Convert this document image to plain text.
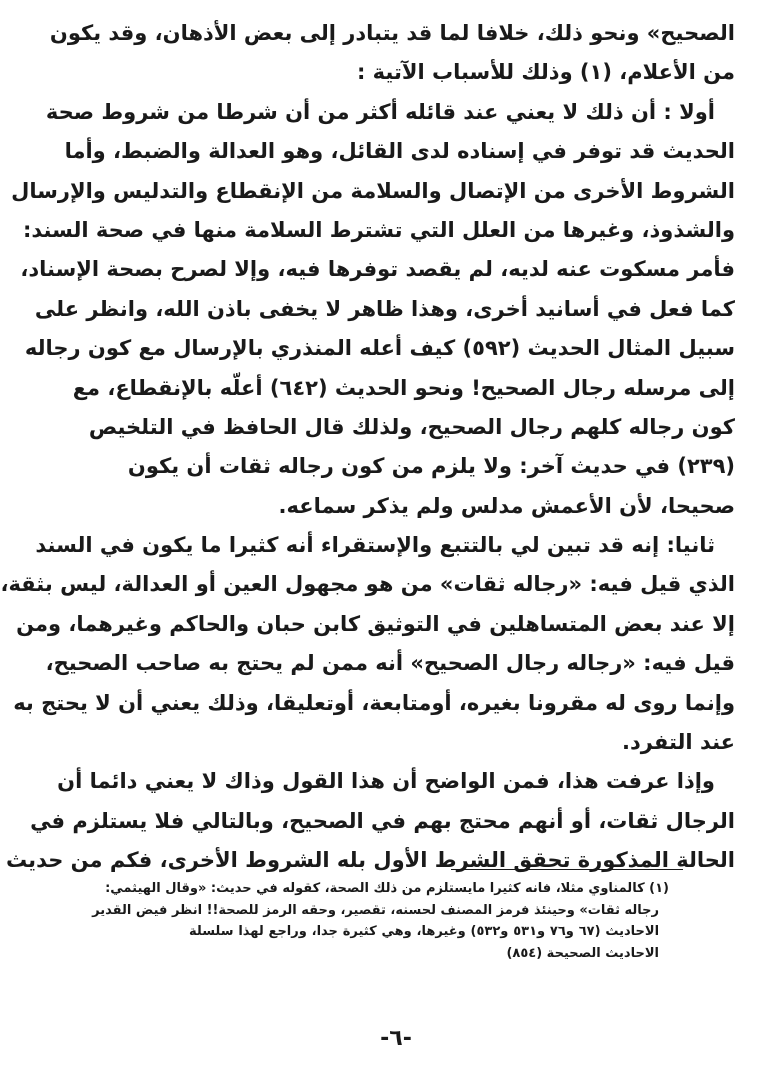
الصحيح» ونحو ذلك، خلافا لما قد يتبادر إلى بعض الأذهان، وقد يكون
من الأعلام، (١) وذلك للأسباب الآتية :
أولا : أن ذلك لا يعني عند قائله أكثر من أن شرطا من شروط صحة
الحديث قد توفر في إسناده لدى القائل، وهو العدالة والضبط، وأما
الشروط الأخرى من الإتصال والسلامة من الإنقطاع والتدليس والإرسال
والشذوذ، وغيرها من العلل التي تشترط السلامة منها في صحة السند:
فأمر مسكوت عنه لديه، لم يقصد توفرها فيه، وإلا لصرح بصحة الإسناد،
كما فعل في أسانيد أخرى، وهذا ظاهر لا يخفى باذن الله، وانظر على
سبيل المثال الحديث (٥٩٢) كيف أعله المنذري بالإرسال مع كون رجاله
إلى مرسله رجال الصحيح! ونحو الحديث (٦٤٢) أعلّه بالإنقطاع، مع
كون رجاله كلهم رجال الصحيح، ولذلك قال الحافظ في التلخيص
(٢٣٩) في حديث آخر: ولا يلزم من كون رجاله ثقات أن يكون
صحيحا، لأن الأعمش مدلس ولم يذكر سماعه.
ثانيا: إنه قد تبين لي بالتتبع والإستقراء أنه كثيرا ما يكون في السند
الذي قيل فيه: «رجاله ثقات» من هو مجهول العين أو العدالة، ليس بثقة،
إلا عند بعض المتساهلين في التوثيق كابن حبان والحاكم وغيرهما، ومن
قيل فيه: «رجاله رجال الصحيح» أنه ممن لم يحتج به صاحب الصحيح،
وإنما روى له مقرونا بغيره، أومتابعة، أوتعليقا، وذلك يعني أن لا يحتج به
عند التفرد.
وإذا عرفت هذا، فمن الواضح أن هذا القول وذاك لا يعني دائما أن
الرجال ثقات، أو أنهم محتج بهم في الصحيح، وبالتالي فلا يستلزم في
الحالة المذكورة تحقق الشرط الأول بله الشروط الأخرى، فكم من حديث
(١) كالمناوي مثلا، فانه كثيرا مايستلزم من ذلك الصحة، كقوله في حديث: «وقال الهيثمي:
رجاله ثقات» وحينئذ فرمز المصنف لحسنه، تقصير، وحقه الرمز للصحة!! انظر فيض القدير
الاحاديث (٦٧ و٧٦ و٥٣١ و٥٣٢) وغيرها، وهي كثيرة جدا، وراجع لهذا سلسلة
الاحاديث الصحيحة (٨٥٤)
-٦-
